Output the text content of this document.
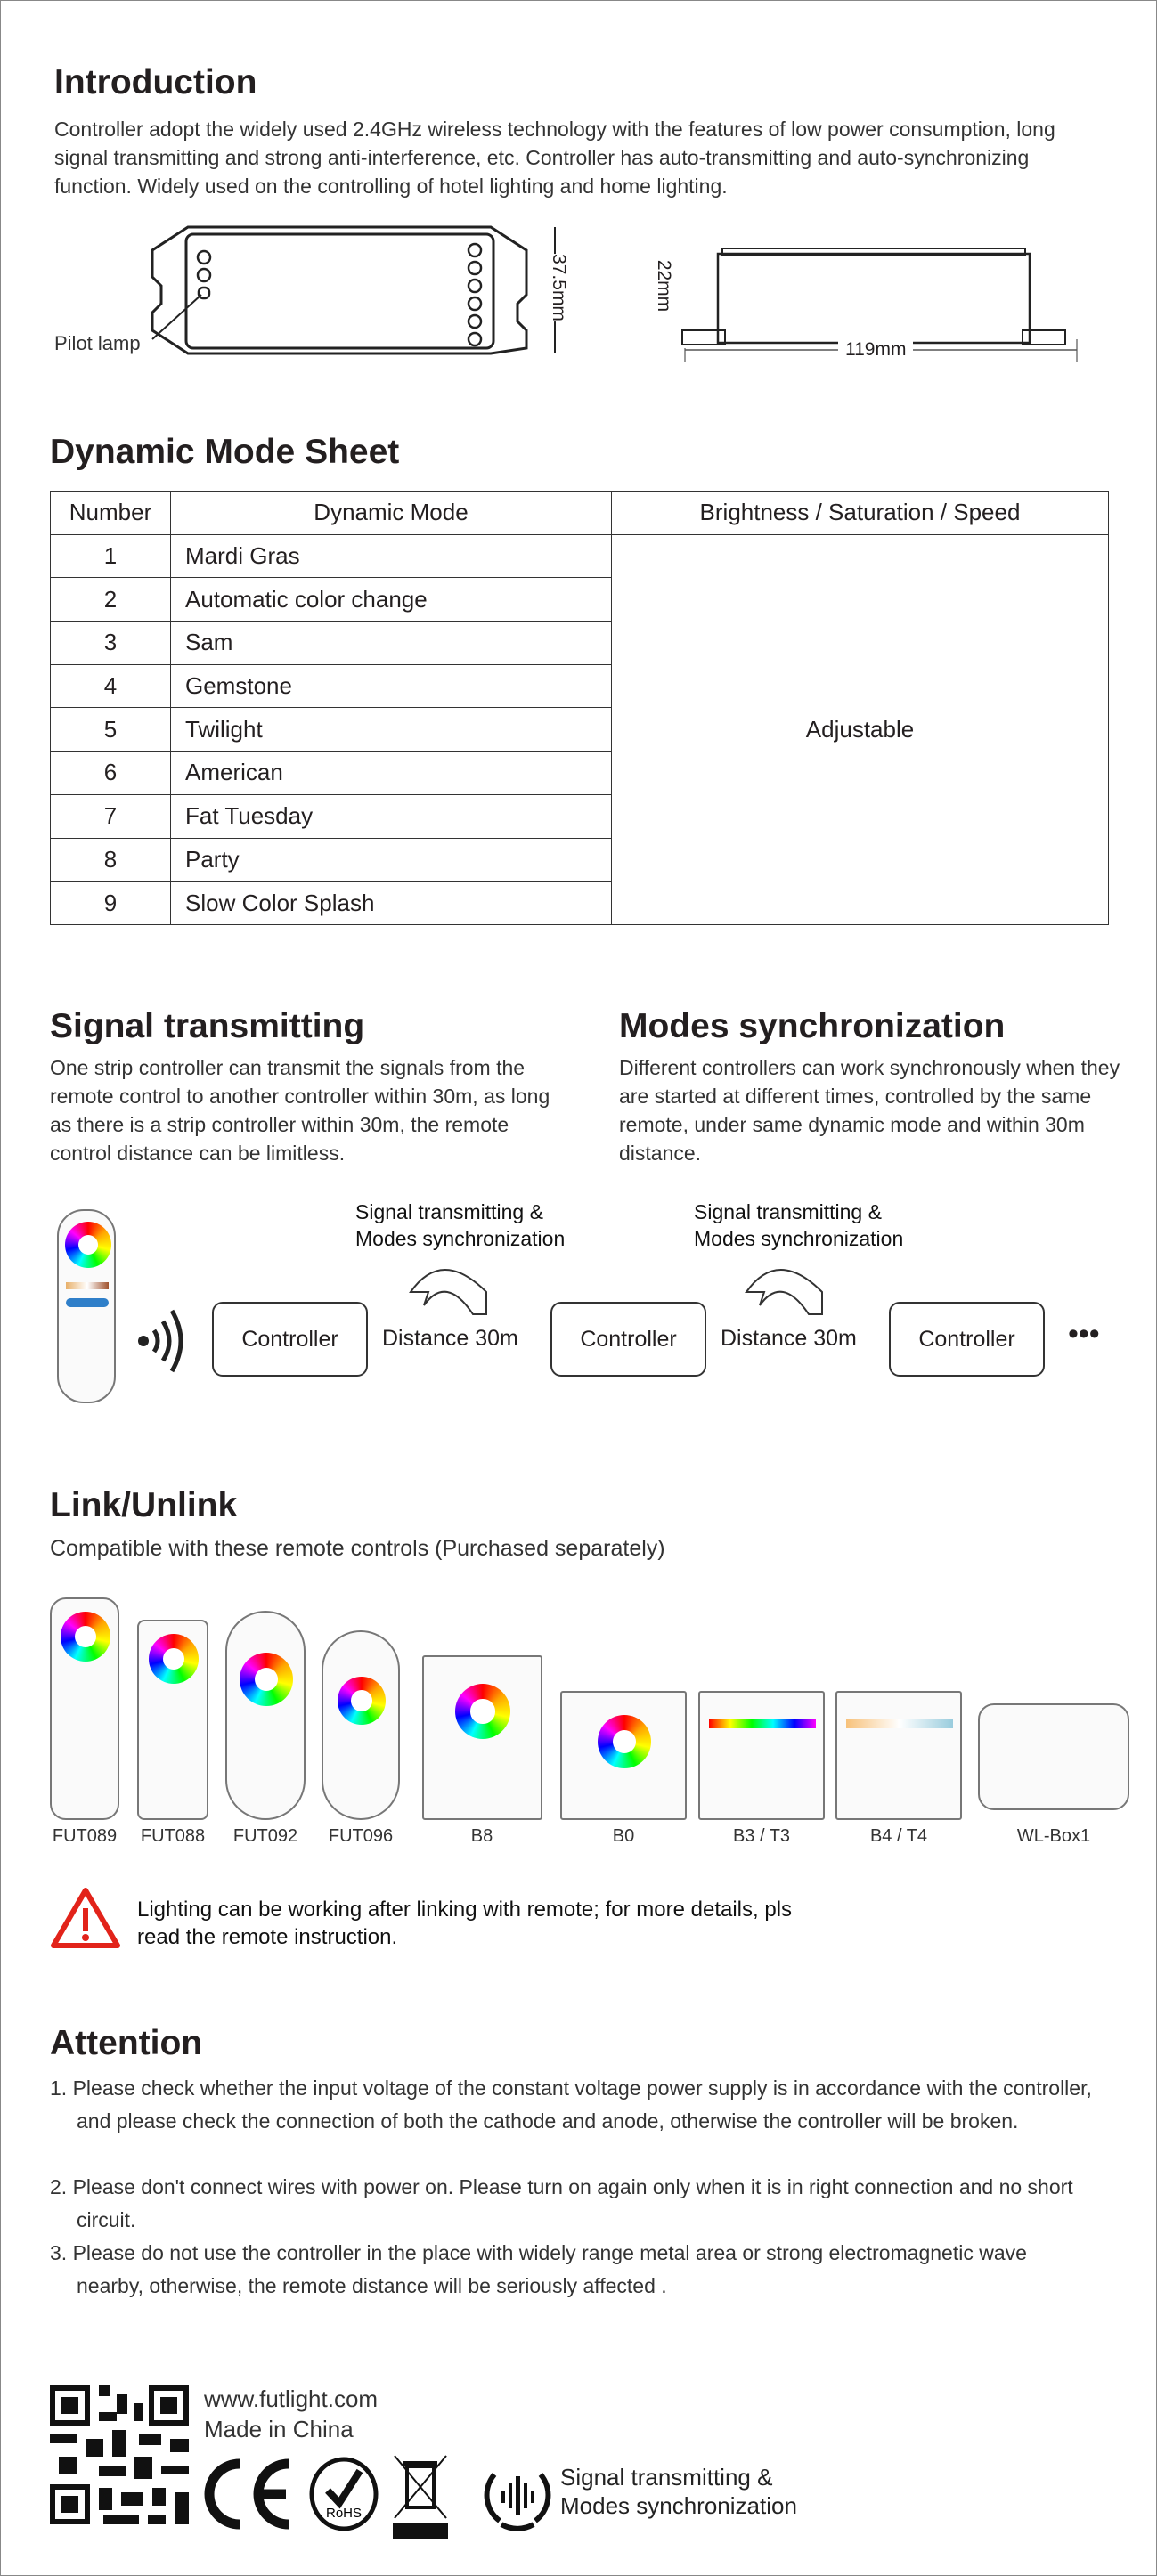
Introduction
Controller adopt the widely used 2.4GHz wireless technology with the features of low power consumption, long signal transmitting and strong anti-interference, etc. Controller has auto-transmitting and auto-synchronizing function. Widely used on the controlling of hotel lighting and home lighting.
Pilot lamp
37.5mm	22mm
119mm
Dynamic Mode Sheet
Number	Dynamic Mode	Brightness / Saturation / Speed
1	Mardi Gras	Adjustable
2	Automatic color change	
3	Sam	
4	Gemstone	
5	Twilight	
6	American	
7	Fat Tuesday	
8	Party	
9	Slow Color Splash	
Signal transmitting
One strip controller can transmit the signals from the remote control to another controller within 30m, as long as there is a strip controller within 30m, the remote control distance can be limitless.
Modes synchronization
Different controllers can work synchronously when they are started at different times, controlled by the same remote, under same dynamic mode and within 30m distance.
Controller	Distance 30m	Controller	Distance 30m	Controller	•••
Signal transmitting &
Modes synchronization
Signal transmitting &
Modes synchronization
Link/Unlink
Compatible with these remote controls (Purchased separately)
FUT089	FUT088	FUT092	FUT096	B8	B0	B3 / T3	B4 / T4	WL-Box1
Lighting can be working after linking with remote; for more details, pls read the remote instruction.
Attention
1. Please check whether the input voltage of the constant voltage power supply is in accordance with the controller, and please check the connection of both the cathode and anode, otherwise the controller will be broken.
2. Please don't connect wires with power on. Please turn on again only when it is in right connection and no short circuit.
3. Please do not use the controller in the place with widely range metal area or strong electromagnetic wave nearby, otherwise, the remote distance will be seriously affected .
www.futlight.com
Made in China
RoHS
Signal transmitting &
Modes synchronization
